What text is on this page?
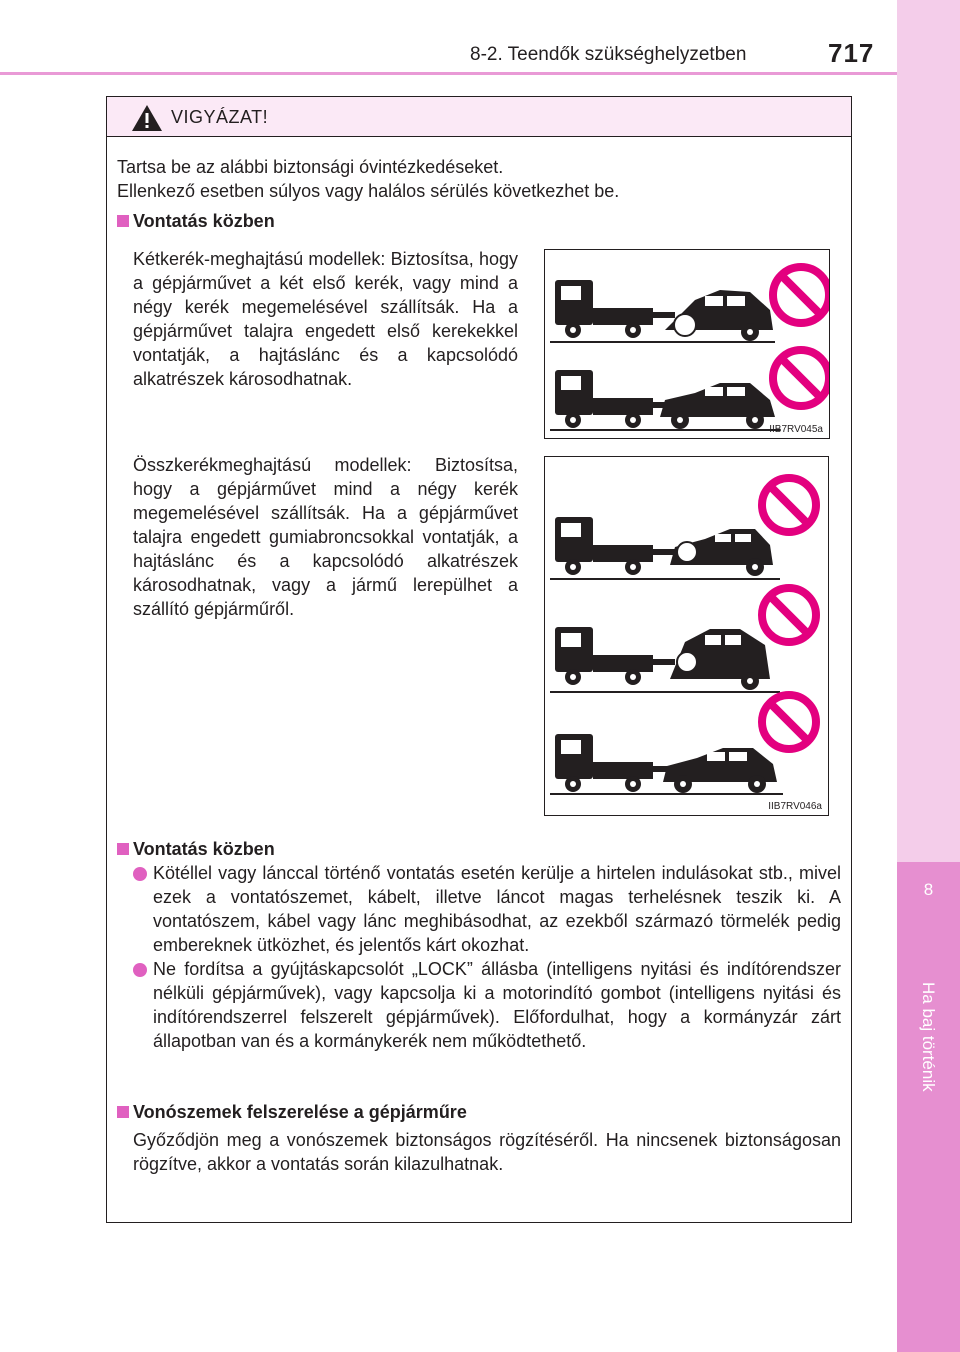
8
Ha baj történik
8-2. Teendők szükséghelyzetben	717
VIGYÁZAT!
Tartsa be az alábbi biztonsági óvintézkedéseket.
Ellenkező esetben súlyos vagy halálos sérülés következhet be.
Vontatás közben
Kétkerék-meghajtású modellek: Biztosítsa, hogy a gépjárművet a két első kerék, vagy mind a négy kerék megemelésével szállítsák. Ha a gépjárművet talajra engedett első kerekekkel vontatják, a hajtáslánc és a kapcsolódó alkatrészek károsodhatnak.
Összkerékmeghajtású modellek: Biztosítsa, hogy a gépjárművet mind a négy kerék megemelésével szállítsák. Ha a gépjárművet talajra engedett gumiabroncsokkal vontatják, a hajtáslánc és a kapcsolódó alkatrészek károsodhatnak, vagy a jármű lerepülhet a szállító gépjárműről.
IIB7RV045a
IIB7RV046a
Vontatás közben
Kötéllel vagy lánccal történő vontatás esetén kerülje a hirtelen indulásokat stb., mivel ezek a vontatószemet, kábelt, illetve láncot magas terhelésnek teszik ki. A vontatószem, kábel vagy lánc meghibásodhat, az ezekből származó törmelék pedig embereknek ütközhet, és jelentős kárt okozhat.
Ne fordítsa a gyújtáskapcsolót „LOCK” állásba (intelligens nyitási és indítórendszer nélküli gépjárművek), vagy kapcsolja ki a motorindító gombot (intelligens nyitási és indítórendszerrel felszerelt gépjárművek). Előfordulhat, hogy a kormányzár zárt állapotban van és a kormánykerék nem működtethető.
Vonószemek felszerelése a gépjárműre
Győződjön meg a vonószemek biztonságos rögzítéséről. Ha nincsenek biztonságosan rögzítve, akkor a vontatás során kilazulhatnak.
